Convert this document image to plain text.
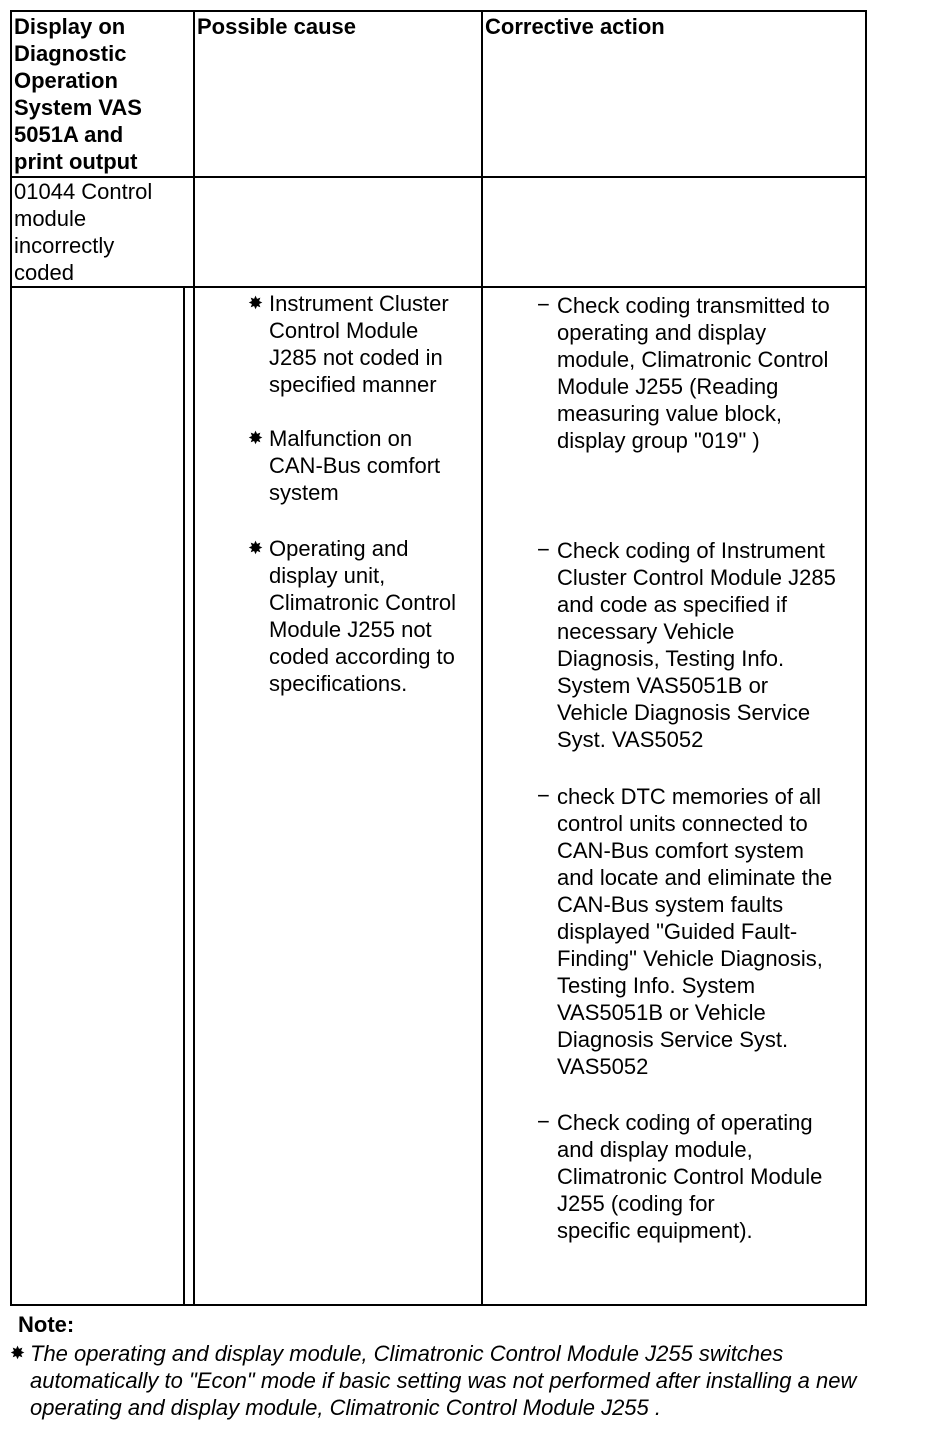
Display on
Diagnostic
Operation
System VAS
5051A and
print output
Possible cause	Corrective action
01044 Control
module
incorrectly
coded
✸ Instrument Cluster
Control Module
J285 not coded in
specified manner
✸ Malfunction on
CAN-Bus comfort
system
✸ Operating and
display unit,
Climatronic Control
Module J255 not
coded according to
specifications.
− Check coding transmitted to
operating and display
module, Climatronic Control
Module J255 (Reading
measuring value block,
display group "019" )
− Check coding of Instrument
Cluster Control Module J285
and code as specified if
necessary Vehicle
Diagnosis, Testing Info.
System VAS5051B or
Vehicle Diagnosis Service
Syst. VAS5052
− check DTC memories of all
control units connected to
CAN-Bus comfort system
and locate and eliminate the
CAN-Bus system faults
displayed "Guided Fault-
Finding" Vehicle Diagnosis,
Testing Info. System
VAS5051B or Vehicle
Diagnosis Service Syst.
VAS5052
− Check coding of operating
and display module,
Climatronic Control Module
J255 (coding for
specific equipment).
Note:
✸ The operating and display module, Climatronic Control Module J255 switches
automatically to "Econ" mode if basic setting was not performed after installing a new
operating and display module, Climatronic Control Module J255 .
